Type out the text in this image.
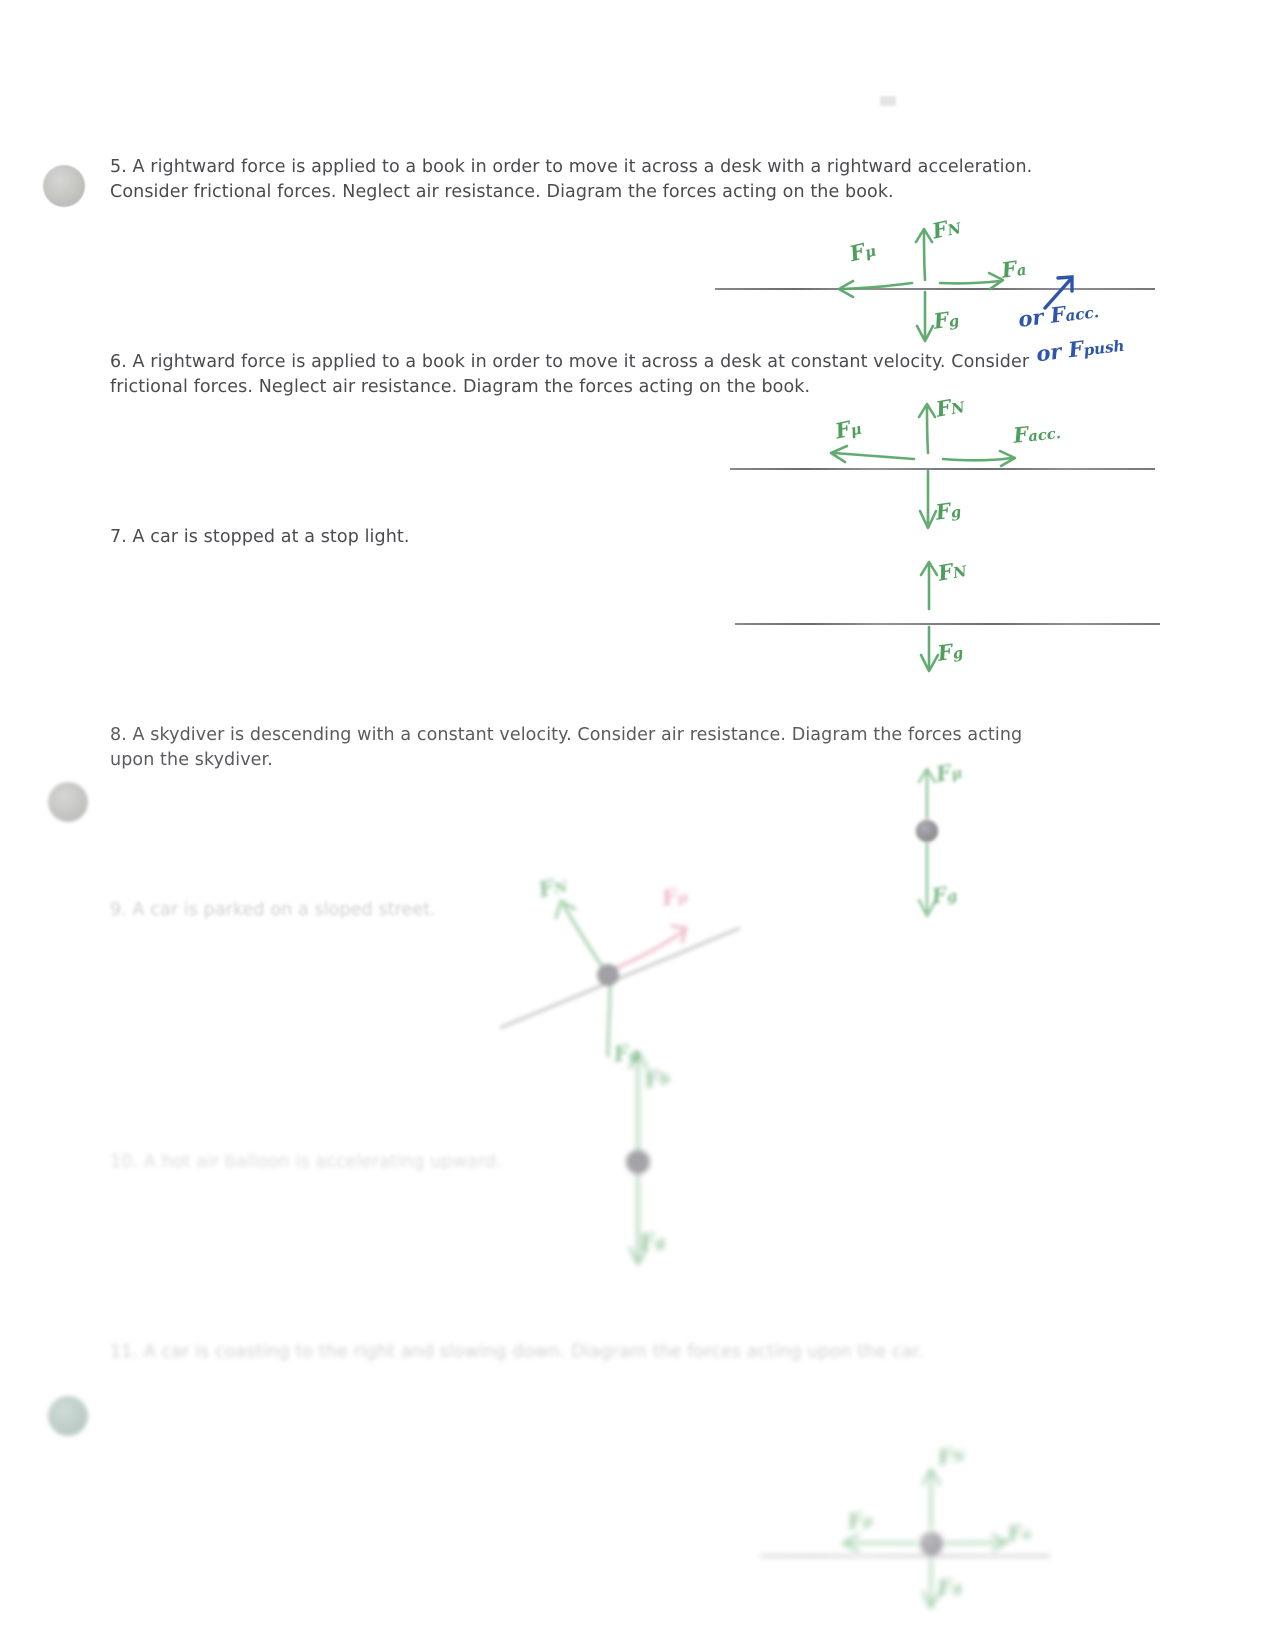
5. A rightward force is applied to a book in order to move it across a desk with a rightward acceleration. Consider frictional forces. Neglect air resistance. Diagram the forces acting on the book.
FN
Fμ
Fa
Fg	or Facc.
or Fpush
6. A rightward force is applied to a book in order to move it across a desk at constant velocity. Consider frictional forces. Neglect air resistance. Diagram the forces acting on the book.
FN
Fμ	Facc.
Fg
7. A car is stopped at a stop light.
FN
Fg
8. A skydiver is descending with a constant velocity. Consider air resistance. Diagram the forces acting upon the skydiver.	Fμ
Fg
9. A car is parked on a sloped street.
FN	Fμ
Fg
10. A hot air balloon is accelerating upward.
Fb
Fg
11. A car is coasting to the right and slowing down. Diagram the forces acting upon the car.
FN
Fμ	Fa
Fg
